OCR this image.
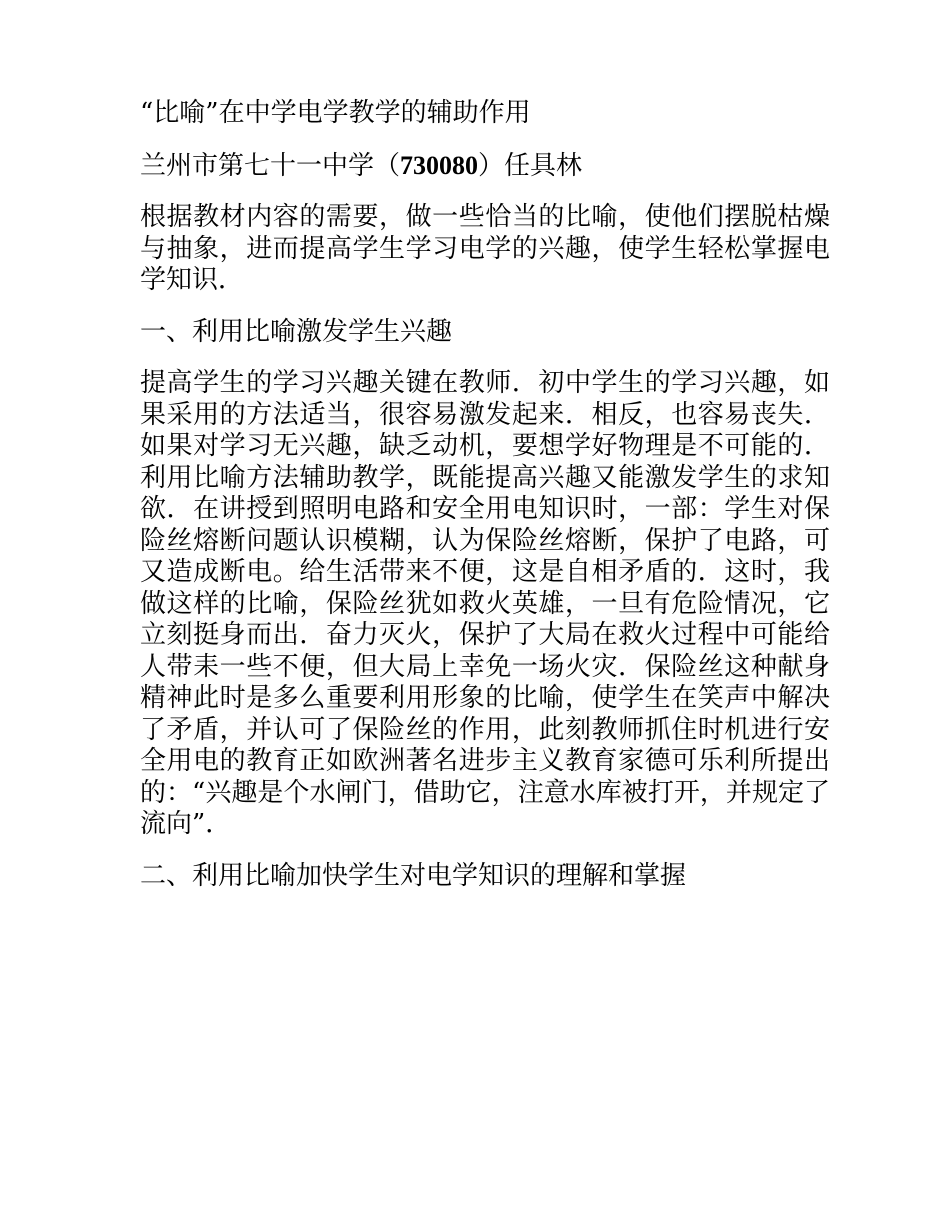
“比喻”在中学电学教学的辅助作用

兰州市第七十一中学（730080）任具林

根据教材内容的需要，做一些恰当的比喻，使他们摆脱枯燥与抽象，进而提高学生学习电学的兴趣，使学生轻松掌握电学知识．

一、利用比喻激发学生兴趣

提高学生的学习兴趣关键在教师．初中学生的学习兴趣，如果采用的方法适当，很容易激发起来．相反，也容易丧失．如果对学习无兴趣，缺乏动机，要想学好物理是不可能的．利用比喻方法辅助教学，既能提高兴趣又能激发学生的求知欲．在讲授到照明电路和安全用电知识时，一部：学生对保险丝熔断问题认识模糊，认为保险丝熔断，保护了电路，可又造成断电。给生活带来不便，这是自相矛盾的．这时，我做这样的比喻，保险丝犹如救火英雄，一旦有危险情况，它立刻挺身而出．奋力灭火，保护了大局在救火过程中可能给人带耒一些不便，但大局上幸免一场火灾．保险丝这种献身精神此时是多么重要利用形象的比喻，使学生在笑声中解决了矛盾，并认可了保险丝的作用，此刻教师抓住时机进行安全用电的教育正如欧洲著名进步主义教育家德可乐利所提出的：“兴趣是个水闸门，借助它，注意水库被打开，并规定了流向”．

二、利用比喻加快学生对电学知识的理解和掌握
